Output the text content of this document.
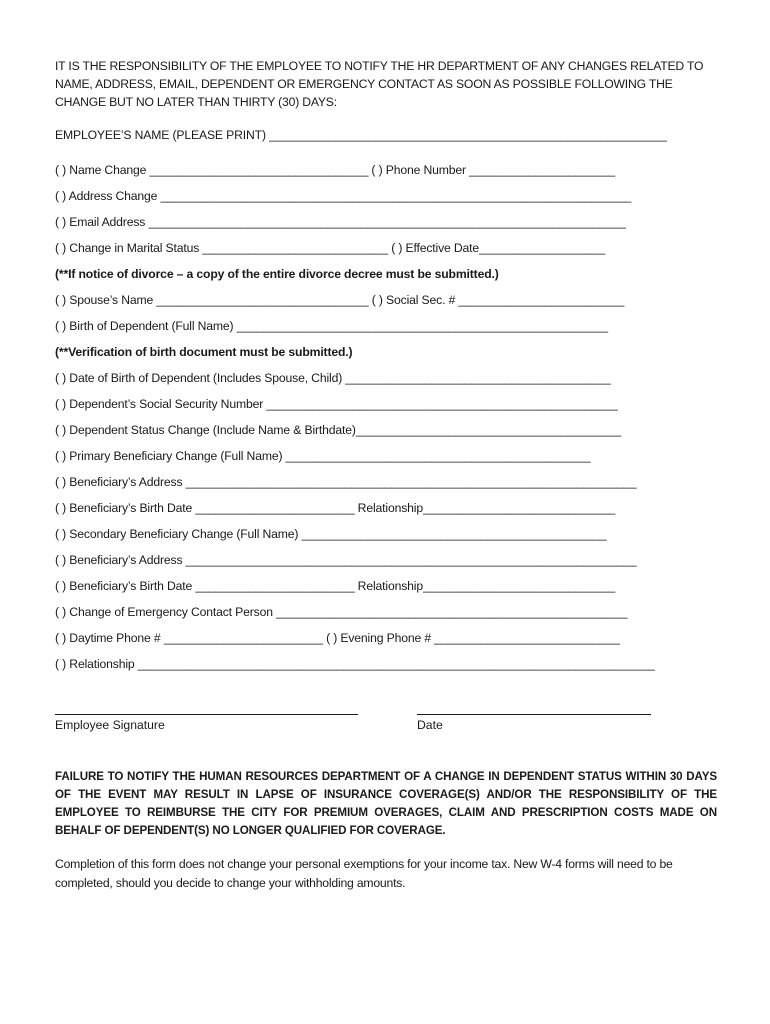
IT IS THE RESPONSIBILITY OF THE EMPLOYEE TO NOTIFY THE HR DEPARTMENT OF ANY CHANGES RELATED TO NAME, ADDRESS, EMAIL, DEPENDENT OR EMERGENCY CONTACT AS SOON AS POSSIBLE FOLLOWING THE CHANGE BUT NO LATER THAN THIRTY (30) DAYS:
EMPLOYEE’S NAME (PLEASE PRINT) ____________________________________________________________
( ) Name Change _________________________________ ( ) Phone Number ______________________
( ) Address Change _______________________________________________________________________
( ) Email Address ________________________________________________________________________
( ) Change in Marital Status ____________________________ ( ) Effective Date___________________
(**If notice of divorce – a copy of the entire divorce decree must be submitted.)
( ) Spouse’s Name ________________________________ ( ) Social Sec. # _________________________
( ) Birth of Dependent (Full Name) ________________________________________________________
(**Verification of birth document must be submitted.)
( ) Date of Birth of Dependent (Includes Spouse, Child) ________________________________________
( ) Dependent’s Social Security Number _____________________________________________________
( ) Dependent Status Change (Include Name & Birthdate)________________________________________
( ) Primary Beneficiary Change (Full Name) ______________________________________________
( ) Beneficiary’s Address ____________________________________________________________________
( ) Beneficiary’s Birth Date ________________________ Relationship_____________________________
( ) Secondary Beneficiary Change (Full Name) ______________________________________________
( ) Beneficiary’s Address ____________________________________________________________________
( ) Beneficiary’s Birth Date ________________________ Relationship_____________________________
( ) Change of Emergency Contact Person _____________________________________________________
( ) Daytime Phone # ________________________ ( ) Evening Phone # ____________________________
( ) Relationship ______________________________________________________________________________
Employee Signature	Date
FAILURE TO NOTIFY THE HUMAN RESOURCES DEPARTMENT OF A CHANGE IN DEPENDENT STATUS WITHIN 30 DAYS OF THE EVENT MAY RESULT IN LAPSE OF INSURANCE COVERAGE(S) AND/OR THE RESPONSIBILITY OF THE EMPLOYEE TO REIMBURSE THE CITY FOR PREMIUM OVERAGES, CLAIM AND PRESCRIPTION COSTS MADE ON BEHALF OF DEPENDENT(S) NO LONGER QUALIFIED FOR COVERAGE.
Completion of this form does not change your personal exemptions for your income tax. New W-4 forms will need to be completed, should you decide to change your withholding amounts.
